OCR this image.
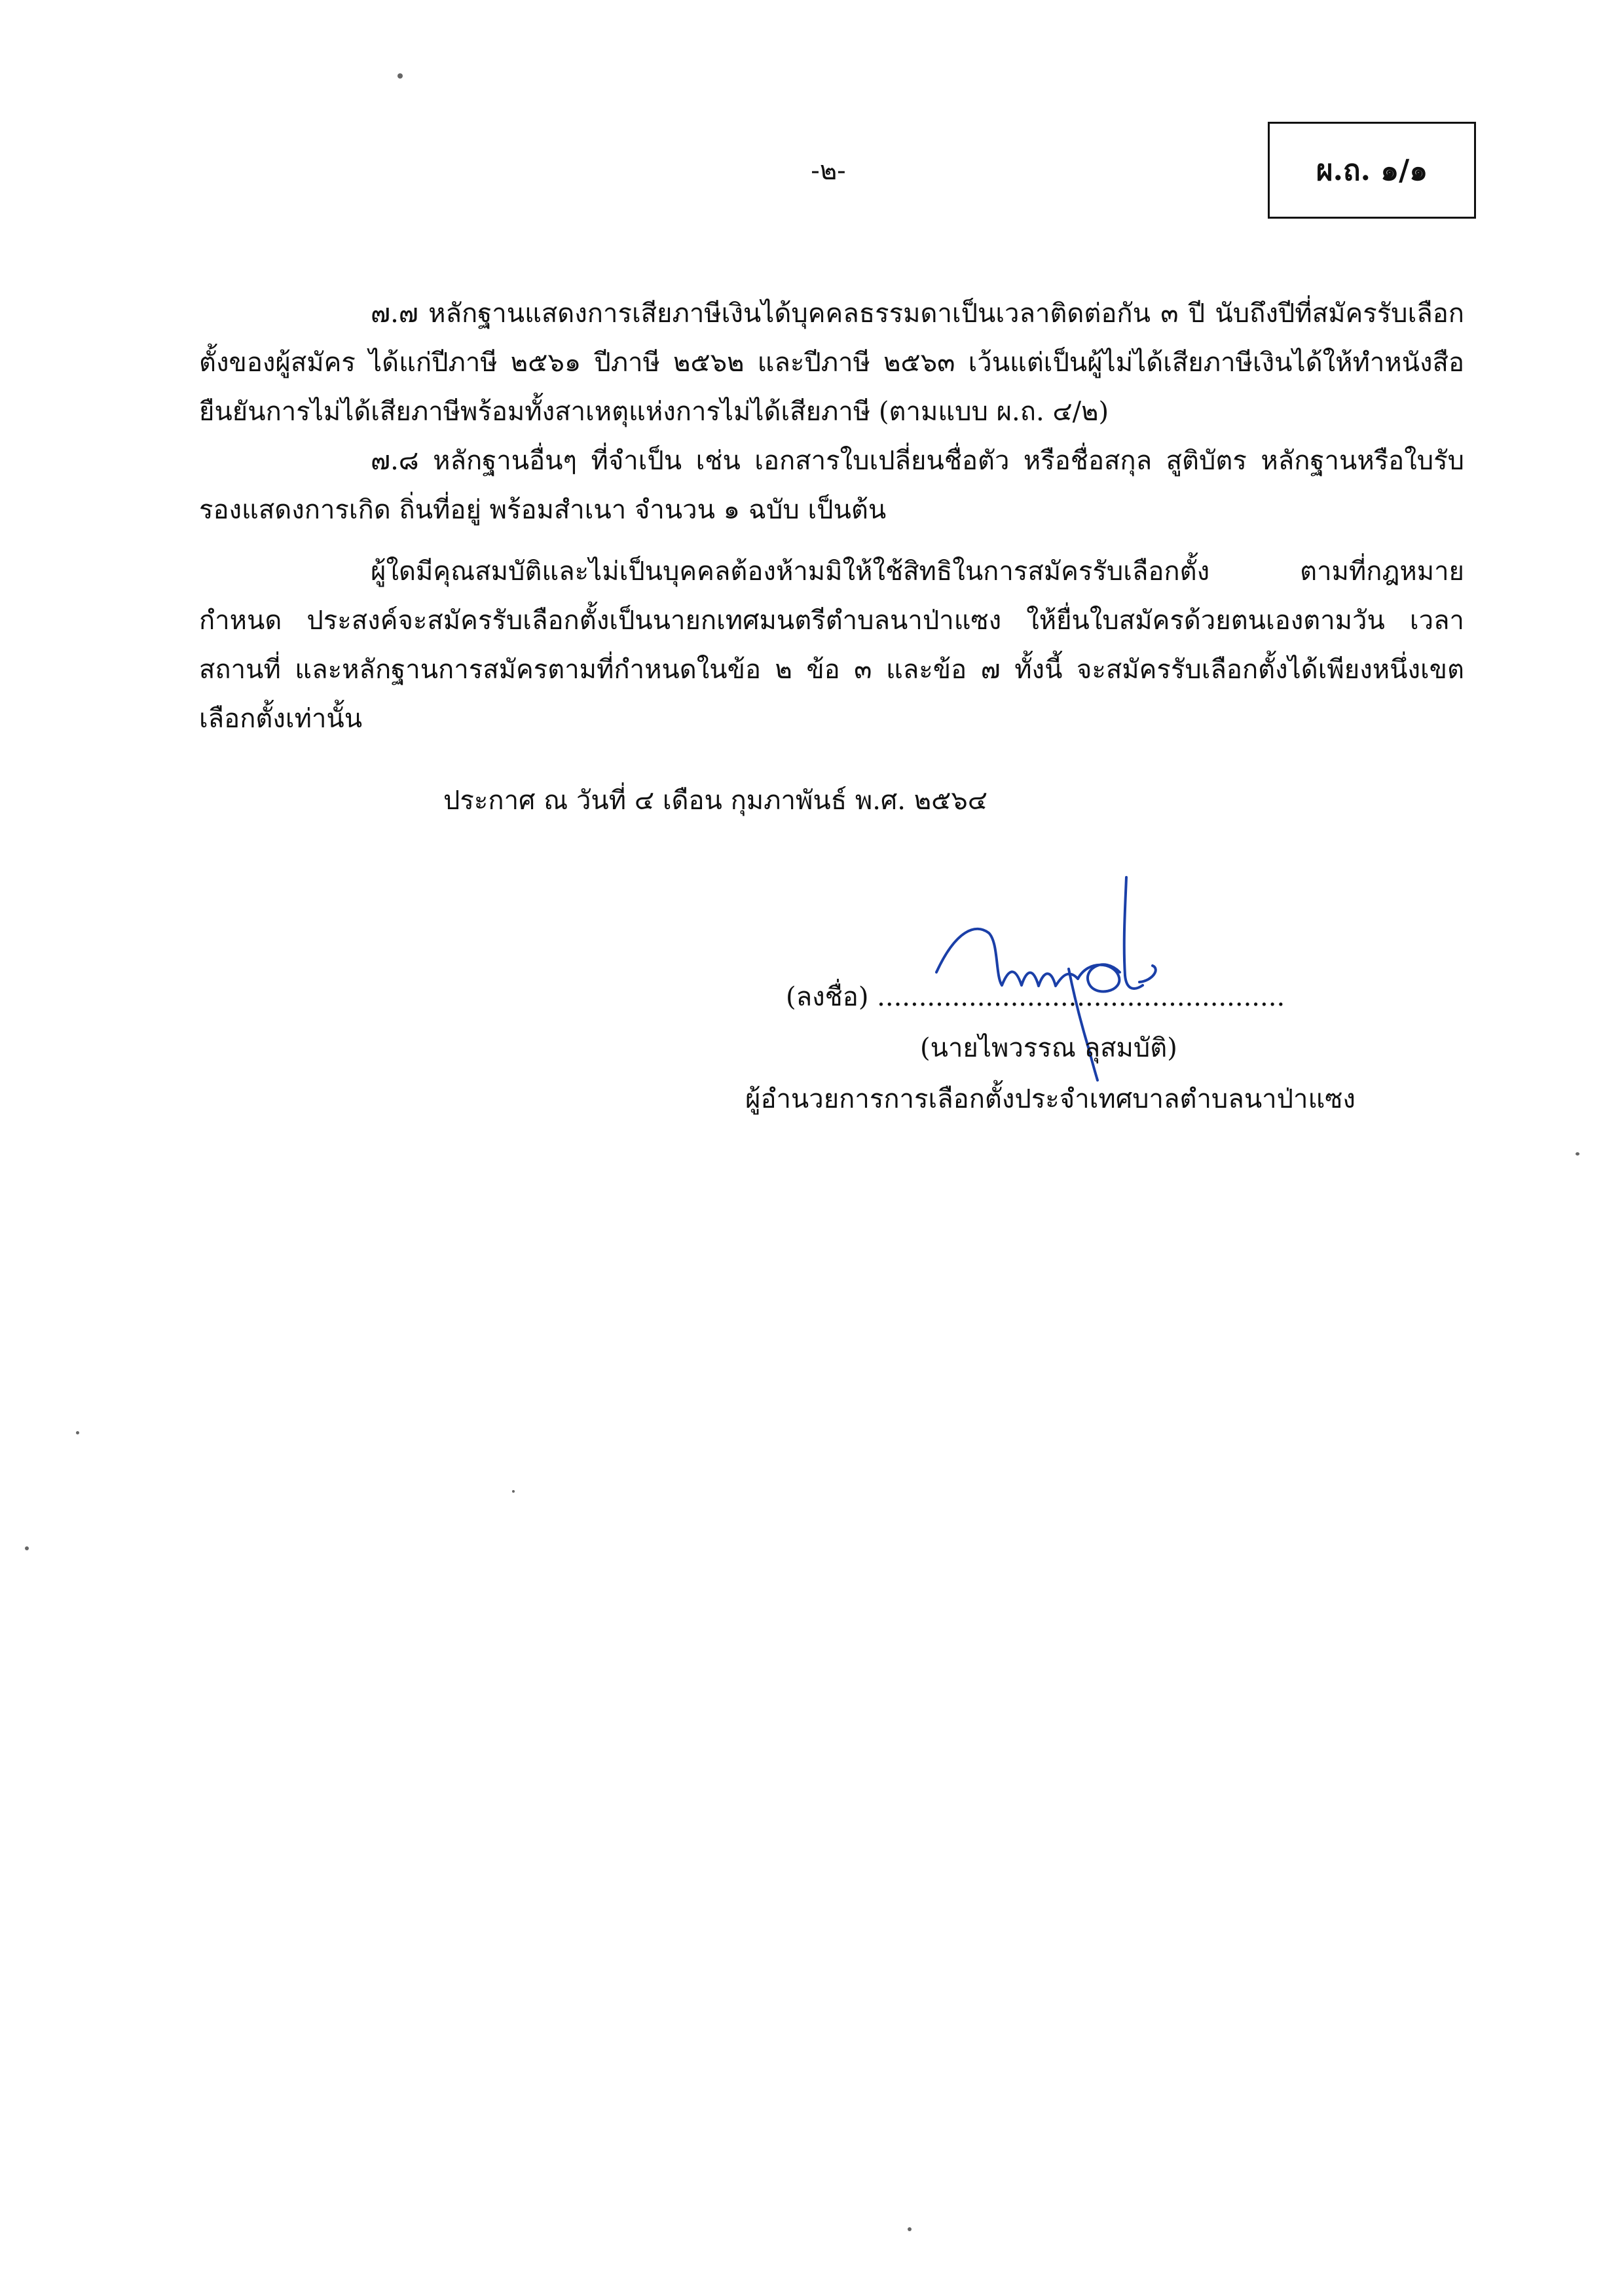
-๒-	ผ.ถ. ๑/๑
๗.๗ หลักฐานแสดงการเสียภาษีเงินได้บุคคลธรรมดาเป็นเวลาติดต่อกัน ๓ ปี นับถึงปีที่สมัครรับเลือกตั้งของผู้สมัคร ได้แก่ปีภาษี ๒๕๖๑ ปีภาษี ๒๕๖๒ และปีภาษี ๒๕๖๓ เว้นแต่เป็นผู้ไม่ได้เสียภาษีเงินได้ให้ทำหนังสือยืนยันการไม่ได้เสียภาษีพร้อมทั้งสาเหตุแห่งการไม่ได้เสียภาษี (ตามแบบ ผ.ถ. ๔/๒)
๗.๘ หลักฐานอื่นๆ ที่จำเป็น เช่น เอกสารใบเปลี่ยนชื่อตัว หรือชื่อสกุล สูติบัตร หลักฐานหรือใบรับรองแสดงการเกิด ถิ่นที่อยู่ พร้อมสำเนา จำนวน ๑ ฉบับ เป็นต้น
ผู้ใดมีคุณสมบัติและไม่เป็นบุคคลต้องห้ามมิให้ใช้สิทธิในการสมัครรับเลือกตั้ง ตามที่กฎหมายกำหนด ประสงค์จะสมัครรับเลือกตั้งเป็นนายกเทศมนตรีตำบลนาป่าแซง ให้ยื่นใบสมัครด้วยตนเองตามวัน เวลา สถานที่ และหลักฐานการสมัครตามที่กำหนดในข้อ ๒ ข้อ ๓ และข้อ ๗ ทั้งนี้ จะสมัครรับเลือกตั้งได้เพียงหนึ่งเขตเลือกตั้งเท่านั้น
ประกาศ ณ วันที่ ๔ เดือน กุมภาพันธ์ พ.ศ. ๒๕๖๔
(ลงชื่อ) .................................................
(นายไพวรรณ ลุสมบัติ)
ผู้อำนวยการการเลือกตั้งประจำเทศบาลตำบลนาป่าแซง
